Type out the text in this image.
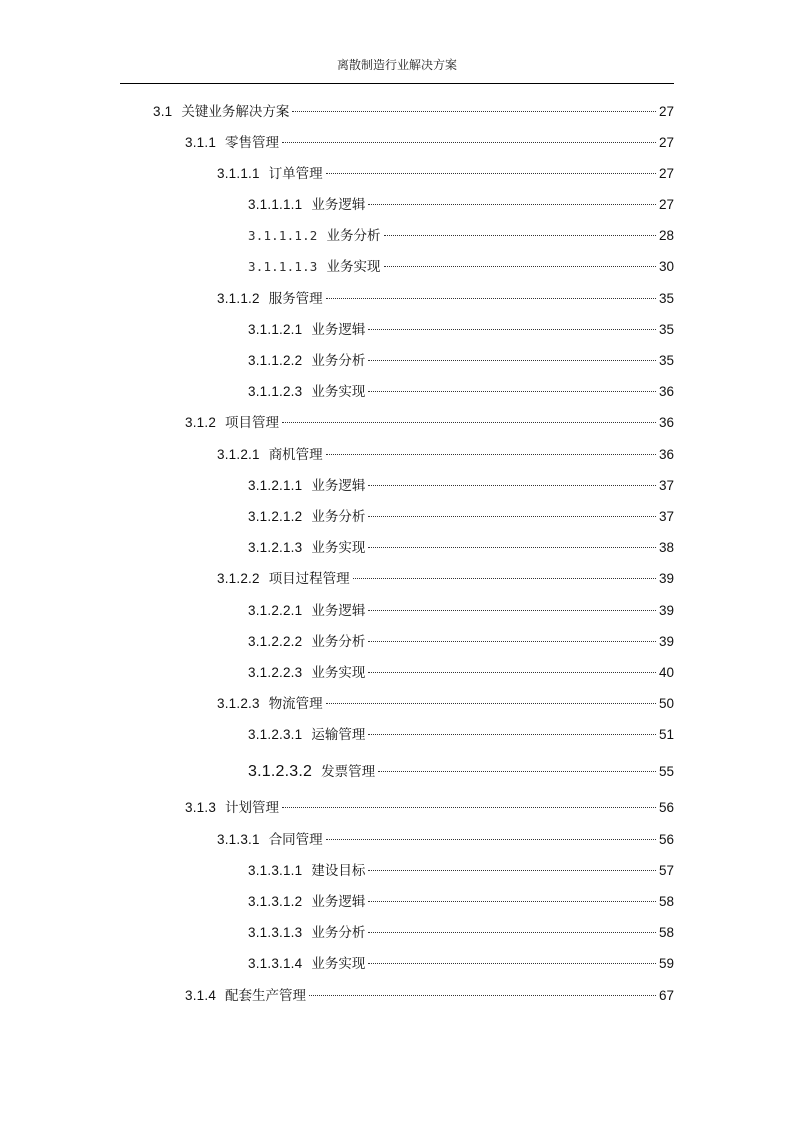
离散制造行业解决方案
3.1 关键业务解决方案	27
3.1.1 零售管理	27
3.1.1.1 订单管理	27
3.1.1.1.1 业务逻辑	27
3.1.1.1.2 业务分析	28
3.1.1.1.3 业务实现	30
3.1.1.2 服务管理	35
3.1.1.2.1 业务逻辑	35
3.1.1.2.2 业务分析	35
3.1.1.2.3 业务实现	36
3.1.2 项目管理	36
3.1.2.1 商机管理	36
3.1.2.1.1 业务逻辑	37
3.1.2.1.2 业务分析	37
3.1.2.1.3 业务实现	38
3.1.2.2 项目过程管理	39
3.1.2.2.1 业务逻辑	39
3.1.2.2.2 业务分析	39
3.1.2.2.3 业务实现	40
3.1.2.3 物流管理	50
3.1.2.3.1 运输管理	51
3.1.2.3.2 发票管理	55
3.1.3 计划管理	56
3.1.3.1 合同管理	56
3.1.3.1.1 建设目标	57
3.1.3.1.2 业务逻辑	58
3.1.3.1.3 业务分析	58
3.1.3.1.4 业务实现	59
3.1.4 配套生产管理	67
